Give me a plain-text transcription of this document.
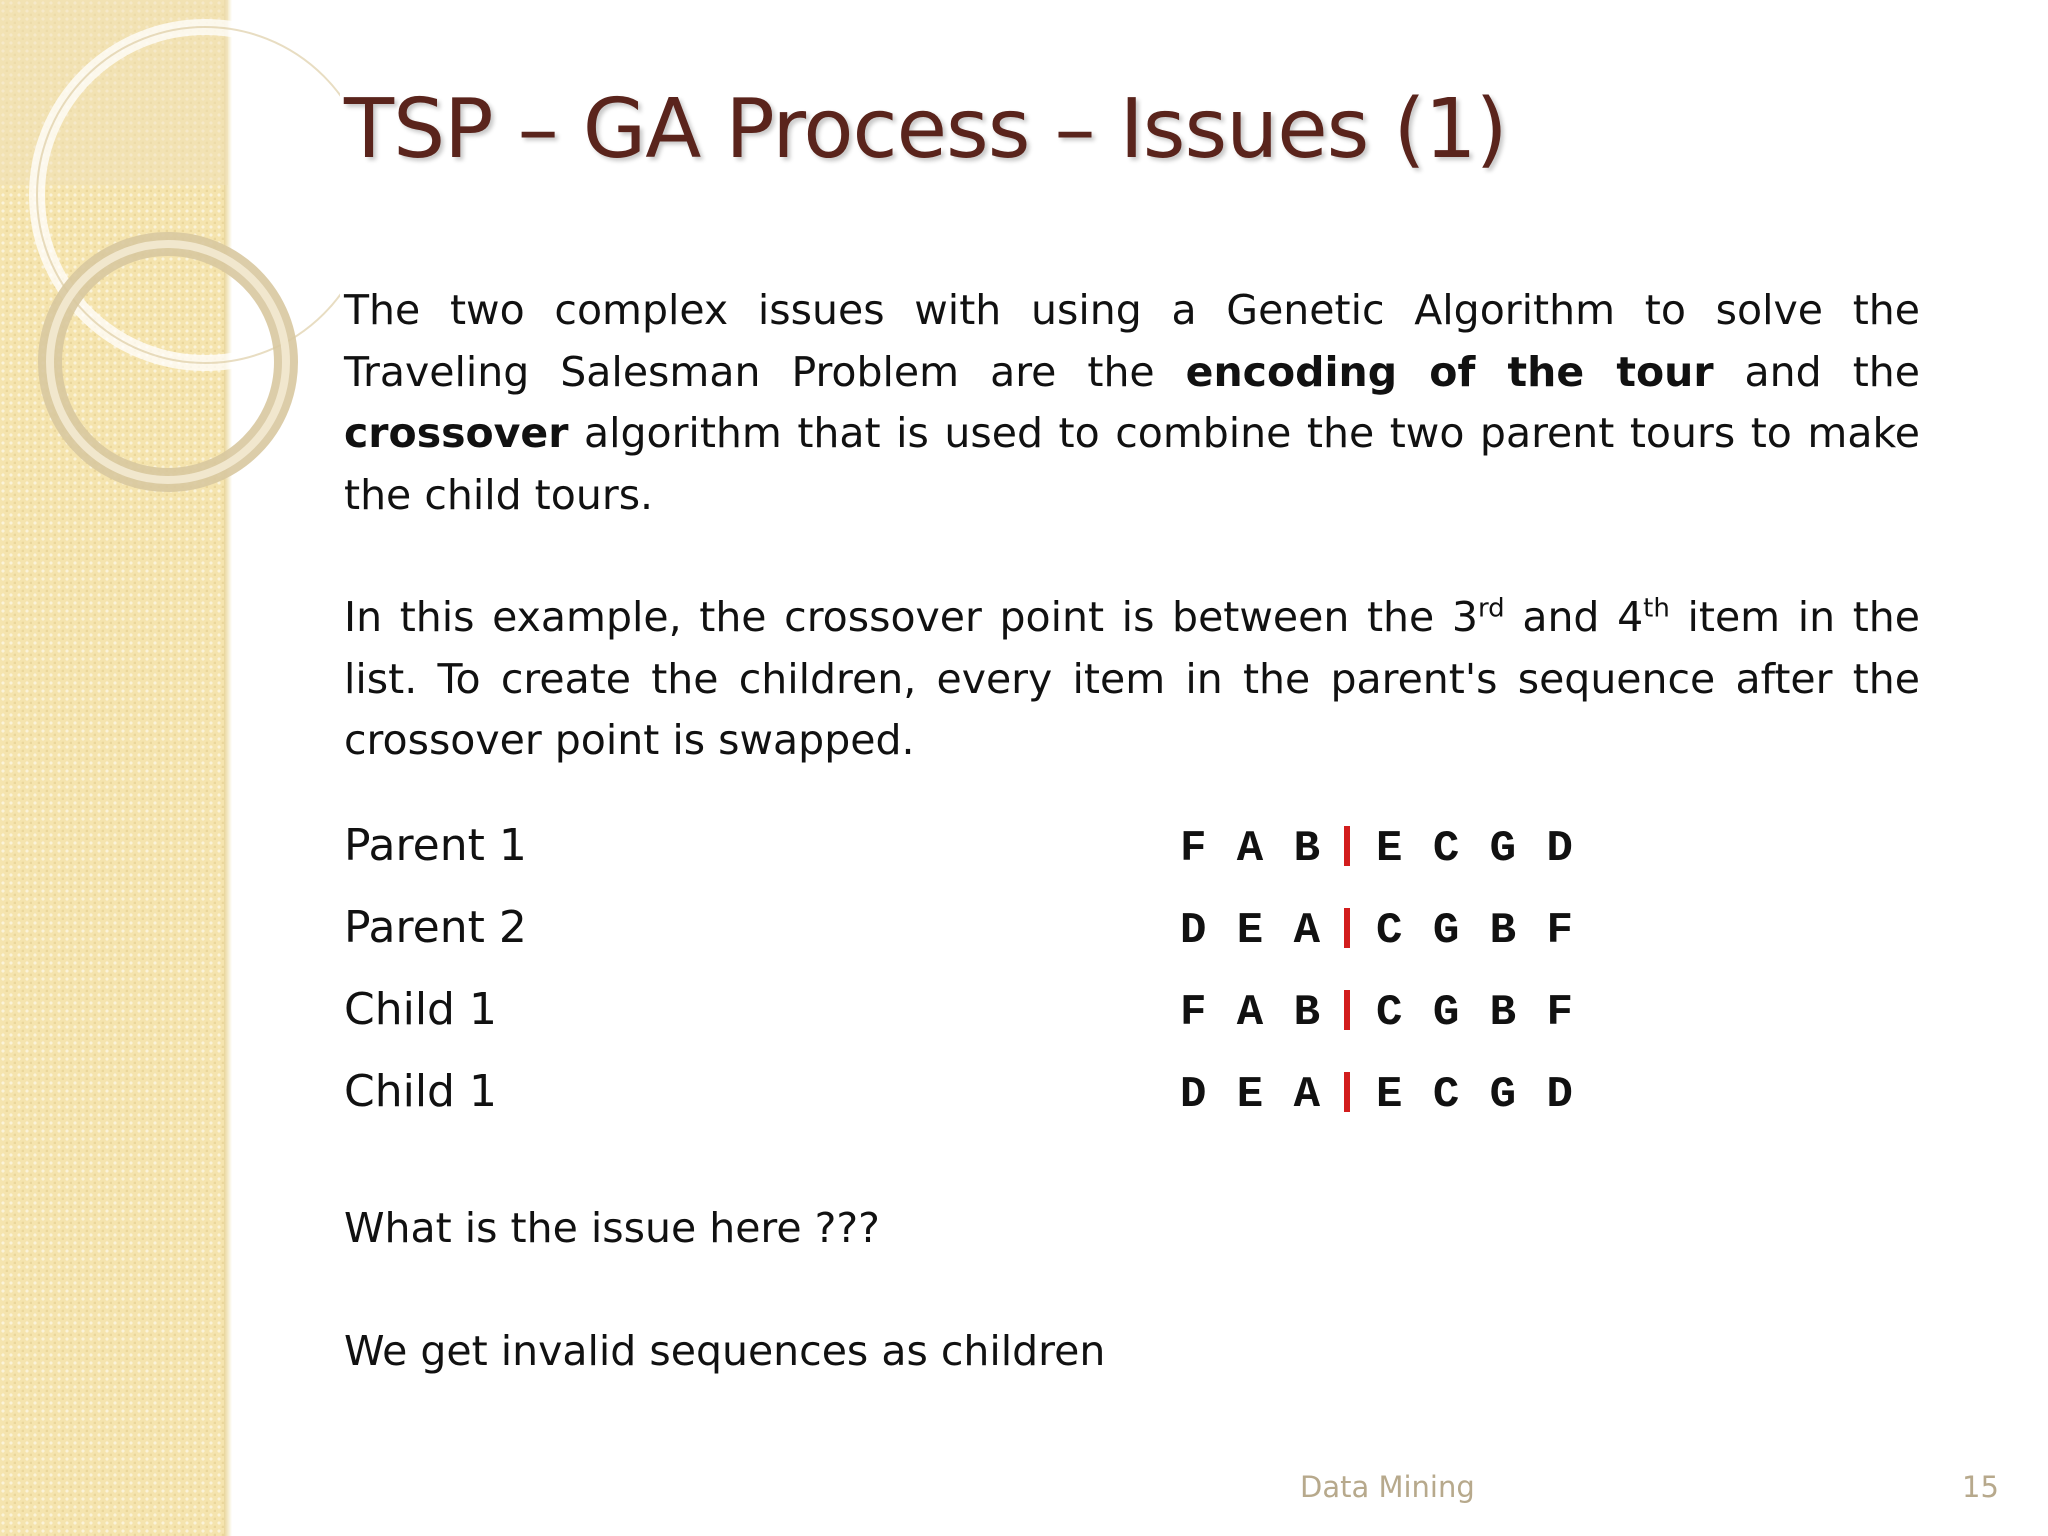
TSP – GA Process – Issues (1)

The two complex issues with using a Genetic Algorithm to solve the Traveling Salesman Problem are the encoding of the tour and the crossover algorithm that is used to combine the two parent tours to make the child tours.

In this example, the crossover point is between the 3rd and 4th item in the list. To create the children, every item in the parent's sequence after the crossover point is swapped.

Parent 1	F A B E C G D
Parent 2	D E A C G B F
Child 1	F A B C G B F
Child 1	D E A E C G D

What is the issue here ???

We get invalid sequences as children

Data Mining	15
